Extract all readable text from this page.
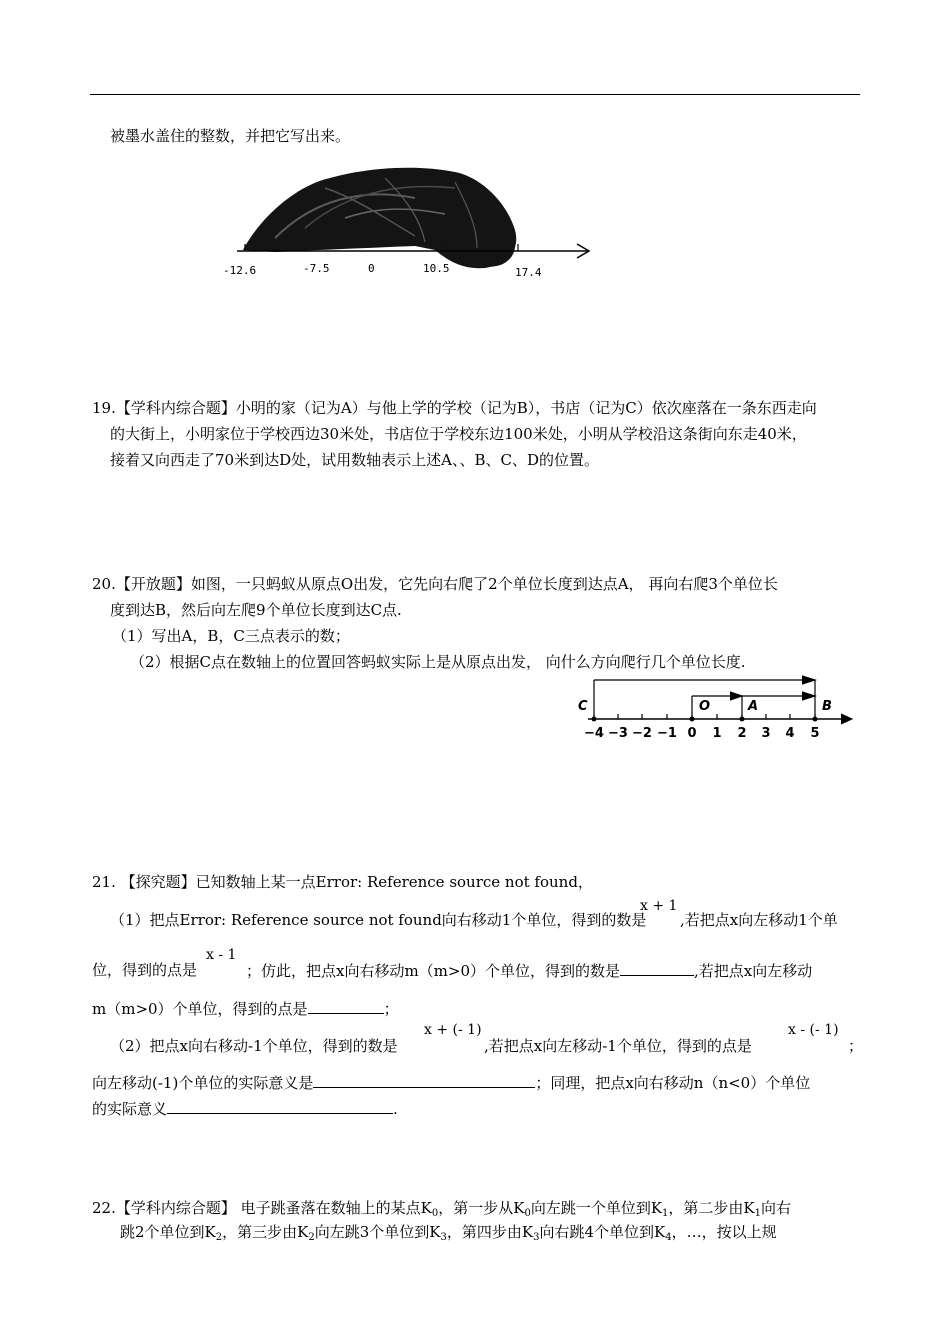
被墨水盖住的整数，并把它写出来。
-12.6	-7.5	0	10.5	17.4
19.【学科内综合题】小明的家（记为A）与他上学的学校（记为B），书店（记为C）依次座落在一条东西走向
的大街上，小明家位于学校西边30米处，书店位于学校东边100米处，小明从学校沿这条街向东走40米，
接着又向西走了70米到达D处，试用数轴表示上述A、、B、C、D的位置。
20.【开放题】如图，一只蚂蚁从原点O出发，它先向右爬了2个单位长度到达点A， 再向右爬3个单位长
度到达B，然后向左爬9个单位长度到达C点.
（1）写出A，B，C三点表示的数；
（2）根据C点在数轴上的位置回答蚂蚁实际上是从原点出发， 向什么方向爬行几个单位长度.
C	O	A	B
−4 −3 −2 −1 0 1 2 3 4 5
21. 【探究题】已知数轴上某一点Error: Reference source not found，
（1）把点Error: Reference source not found向右移动1个单位，得到的数是
x + 1
,若把点x向左移动1个单
位，得到的点是
x - 1
；仿此，把点x向右移动m（m>0）个单位，得到的数是	,若把点x向左移动
m（m>0）个单位，得到的点是	；
（2）把点x向右移动-1个单位，得到的数是
x + (- 1)
,若把点x向左移动-1个单位，得到的点是
x - (- 1)
；
向左移动(-1)个单位的实际意义是	；同理，把点x向右移动n（n<0）个单位
的实际意义	.
22.【学科内综合题】 电子跳蚤落在数轴上的某点$K_0$，第一步从$K_0$向左跳一个单位到$K_1$，第二步由$K_1$向右
跳2个单位到$K_2$，第三步由$K_2$向左跳3个单位到$K_3$，第四步由$K_3$向右跳4个单位到$K_4$，…，按以上规
